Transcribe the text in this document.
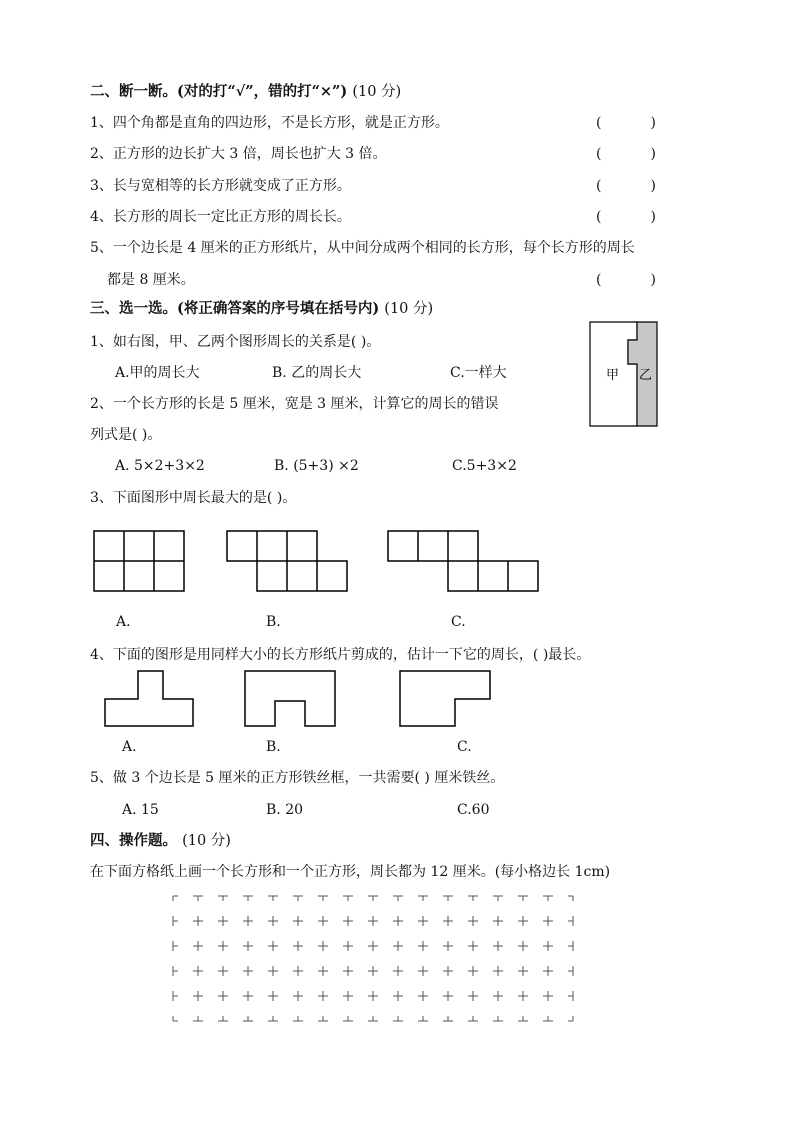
二、断一断。(对的打“√”，错的打“×”) (10 分)
1、四个角都是直角的四边形，不是长方形，就是正方形。	(	)
2、正方形的边长扩大 3 倍，周长也扩大 3 倍。	(	)
3、长与宽相等的长方形就变成了正方形。	(	)
4、长方形的周长一定比正方形的周长长。	(	)
5、一个边长是 4 厘米的正方形纸片，从中间分成两个相同的长方形，每个长方形的周长
都是 8 厘米。	(	)
三、选一选。(将正确答案的序号填在括号内) (10 分)
1、如右图，甲、乙两个图形周长的关系是( )。
A.甲的周长大	B. 乙的周长大	C.一样大	甲 乙
2、一个长方形的长是 5 厘米，宽是 3 厘米，计算它的周长的错误
列式是( )。
A. 5×2+3×2	B. (5+3) ×2	C.5+3×2
3、下面图形中周长最大的是( )。
A.	B.	C.
4、下面的图形是用同样大小的长方形纸片剪成的，估计一下它的周长，( )最长。
A.	B.	C.
5、做 3 个边长是 5 厘米的正方形铁丝框，一共需要( ) 厘米铁丝。
A. 15	B. 20	C.60
四、操作题。 (10 分)
在下面方格纸上画一个长方形和一个正方形，周长都为 12 厘米。(每小格边长 1cm)
